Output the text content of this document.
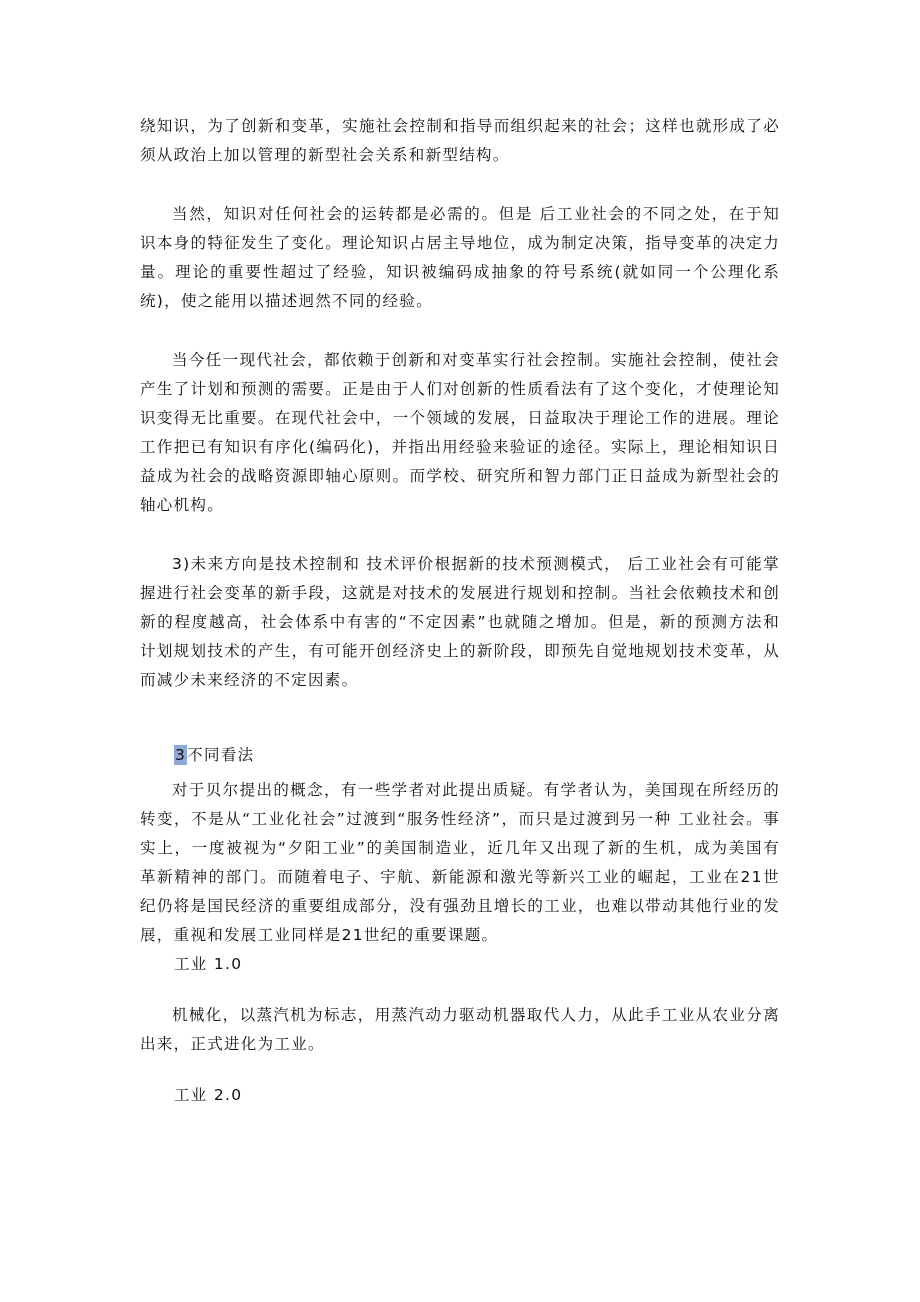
绕知识，为了创新和变革，实施社会控制和指导而组织起来的社会；这样也就形成了必须从政治上加以管理的新型社会关系和新型结构。

当然，知识对任何社会的运转都是必需的。但是 后工业社会的不同之处，在于知识本身的特征发生了变化。理论知识占居主导地位，成为制定决策，指导变革的决定力量。理论的重要性超过了经验，知识被编码成抽象的符号系统(就如同一个公理化系统)，使之能用以描述迥然不同的经验。

当今任一现代社会，都依赖于创新和对变革实行社会控制。实施社会控制，使社会产生了计划和预测的需要。正是由于人们对创新的性质看法有了这个变化，才使理论知识变得无比重要。在现代社会中，一个领域的发展，日益取决于理论工作的进展。理论工作把已有知识有序化(编码化)，并指出用经验来验证的途径。实际上，理论相知识日益成为社会的战略资源即轴心原则。而学校、研究所和智力部门正日益成为新型社会的轴心机构。

3)未来方向是技术控制和 技术评价根据新的技术预测模式， 后工业社会有可能掌握进行社会变革的新手段，这就是对技术的发展进行规划和控制。当社会依赖技术和创新的程度越高，社会体系中有害的“不定因素”也就随之增加。但是，新的预测方法和计划规划技术的产生，有可能开创经济史上的新阶段，即预先自觉地规划技术变革，从而减少未来经济的不定因素。

3不同看法

对于贝尔提出的概念，有一些学者对此提出质疑。有学者认为，美国现在所经历的转变，不是从“工业化社会”过渡到“服务性经济”，而只是过渡到另一种 工业社会。事实上，一度被视为“夕阳工业”的美国制造业，近几年又出现了新的生机，成为美国有革新精神的部门。而随着电子、宇航、新能源和激光等新兴工业的崛起，工业在21世纪仍将是国民经济的重要组成部分，没有强劲且增长的工业，也难以带动其他行业的发展，重视和发展工业同样是21世纪的重要课题。

工业 1.0

机械化，以蒸汽机为标志，用蒸汽动力驱动机器取代人力，从此手工业从农业分离出来，正式进化为工业。

工业 2.0
